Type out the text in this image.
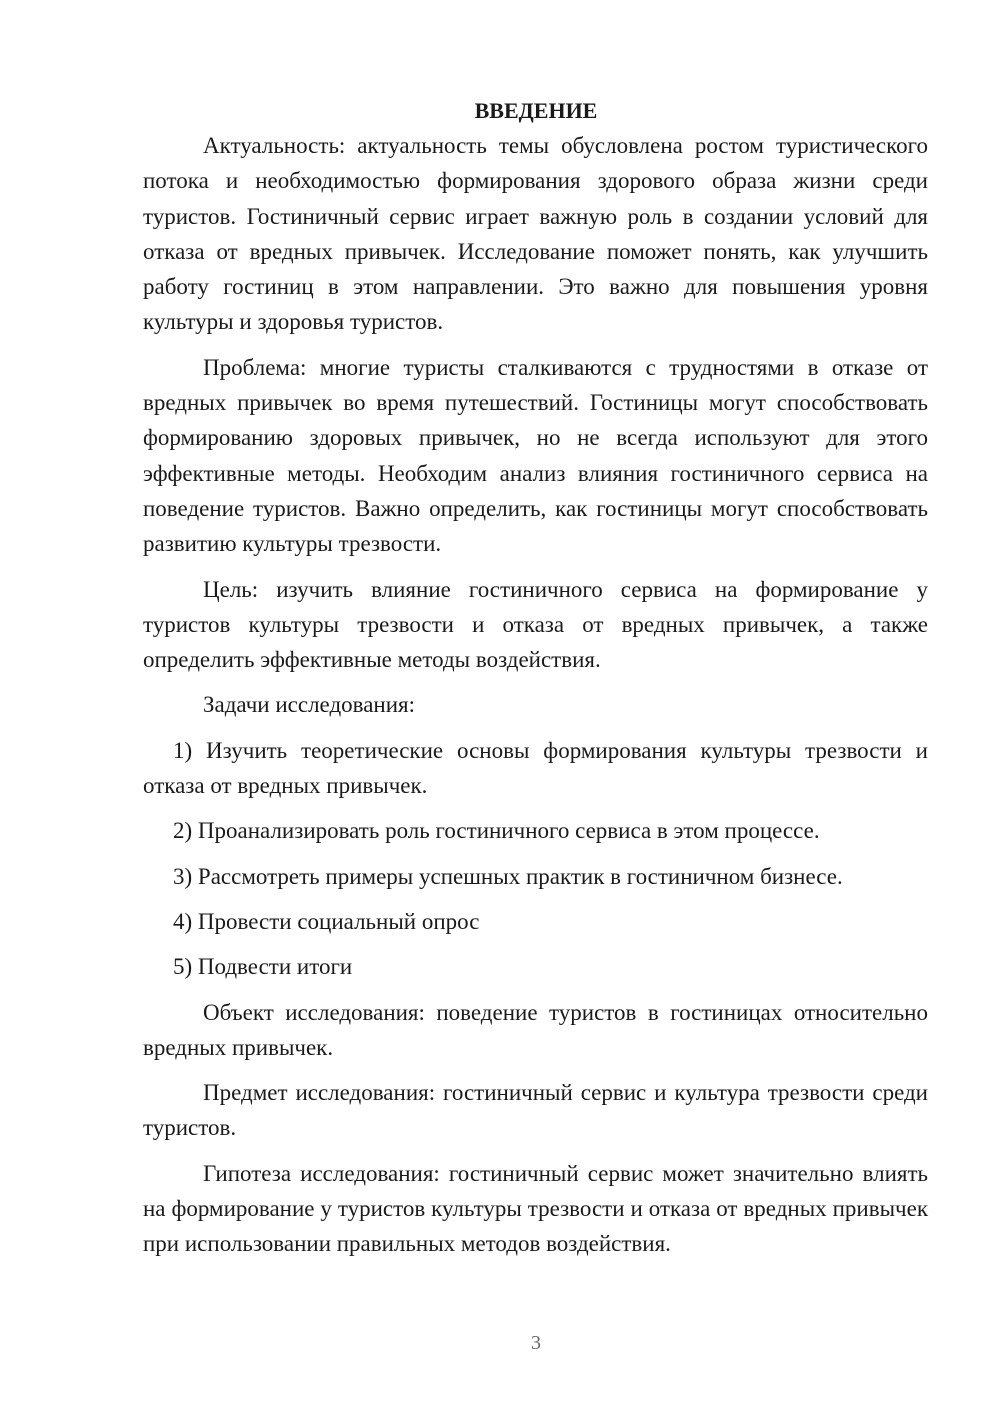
ВВЕДЕНИЕ
Актуальность: актуальность темы обусловлена ростом туристического потока и необходимостью формирования здорового образа жизни среди туристов. Гостиничный сервис играет важную роль в создании условий для отказа от вредных привычек. Исследование поможет понять, как улучшить работу гостиниц в этом направлении. Это важно для повышения уровня культуры и здоровья туристов.
Проблема: многие туристы сталкиваются с трудностями в отказе от вредных привычек во время путешествий. Гостиницы могут способствовать формированию здоровых привычек, но не всегда используют для этого эффективные методы. Необходим анализ влияния гостиничного сервиса на поведение туристов. Важно определить, как гостиницы могут способствовать развитию культуры трезвости.
Цель: изучить влияние гостиничного сервиса на формирование у туристов культуры трезвости и отказа от вредных привычек, а также определить эффективные методы воздействия.
Задачи исследования:
1) Изучить теоретические основы формирования культуры трезвости и отказа от вредных привычек.
2) Проанализировать роль гостиничного сервиса в этом процессе.
3) Рассмотреть примеры успешных практик в гостиничном бизнесе.
4) Провести социальный опрос
5) Подвести итоги
Объект исследования: поведение туристов в гостиницах относительно вредных привычек.
Предмет исследования: гостиничный сервис и культура трезвости среди туристов.
Гипотеза исследования: гостиничный сервис может значительно влиять на формирование у туристов культуры трезвости и отказа от вредных привычек при использовании правильных методов воздействия.
3
